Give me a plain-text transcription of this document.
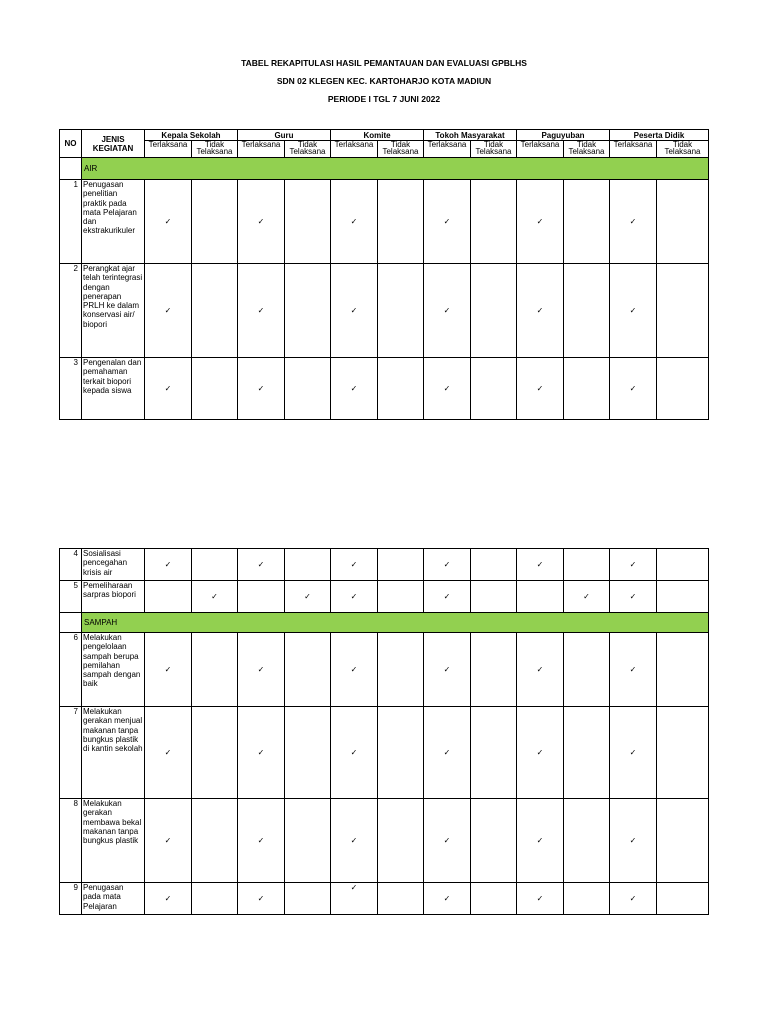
TABEL REKAPITULASI HASIL PEMANTAUAN DAN EVALUASI GPBLHS
SDN 02 KLEGEN KEC. KARTOHARJO KOTA MADIUN
PERIODE I TGL 7 JUNI 2022
NO	JENIS KEGIATAN	Kepala Sekolah		Guru		Komite		Tokoh Masyarakat		Paguyuban		Peserta Didik	
		Terlaksana	Tidak Telaksana	Terlaksana	Tidak Telaksana	Terlaksana	Tidak Telaksana	Terlaksana	Tidak Telaksana	Terlaksana	Tidak Telaksana	Terlaksana	Tidak Telaksana
	AIR												
1	Penugasan penelitian praktik pada mata Pelajaran dan ekstrakurikuler	✓		✓		✓		✓		✓		✓	
2	Perangkat ajar telah terintegrasi dengan penerapan PRLH ke dalam konservasi air/ biopori	✓		✓		✓		✓		✓		✓	
3	Pengenalan dan pemahaman terkait biopori kepada siswa	✓		✓		✓		✓		✓		✓	
4	Sosialisasi pencegahan krisis air	✓		✓		✓		✓		✓		✓	
5	Pemeliharaan sarpras biopori		✓		✓	✓		✓			✓	✓	
	SAMPAH												
6	Melakukan pengelolaan sampah berupa pemilahan sampah dengan baik	✓		✓		✓		✓		✓		✓	
7	Melakukan gerakan menjual makanan tanpa bungkus plastik di kantin sekolah	✓		✓		✓		✓		✓		✓	
8	Melakukan gerakan membawa bekal makanan tanpa bungkus plastik	✓		✓		✓		✓		✓		✓	
9	Penugasan pada mata Pelajaran	✓		✓		✓		✓		✓		✓	
